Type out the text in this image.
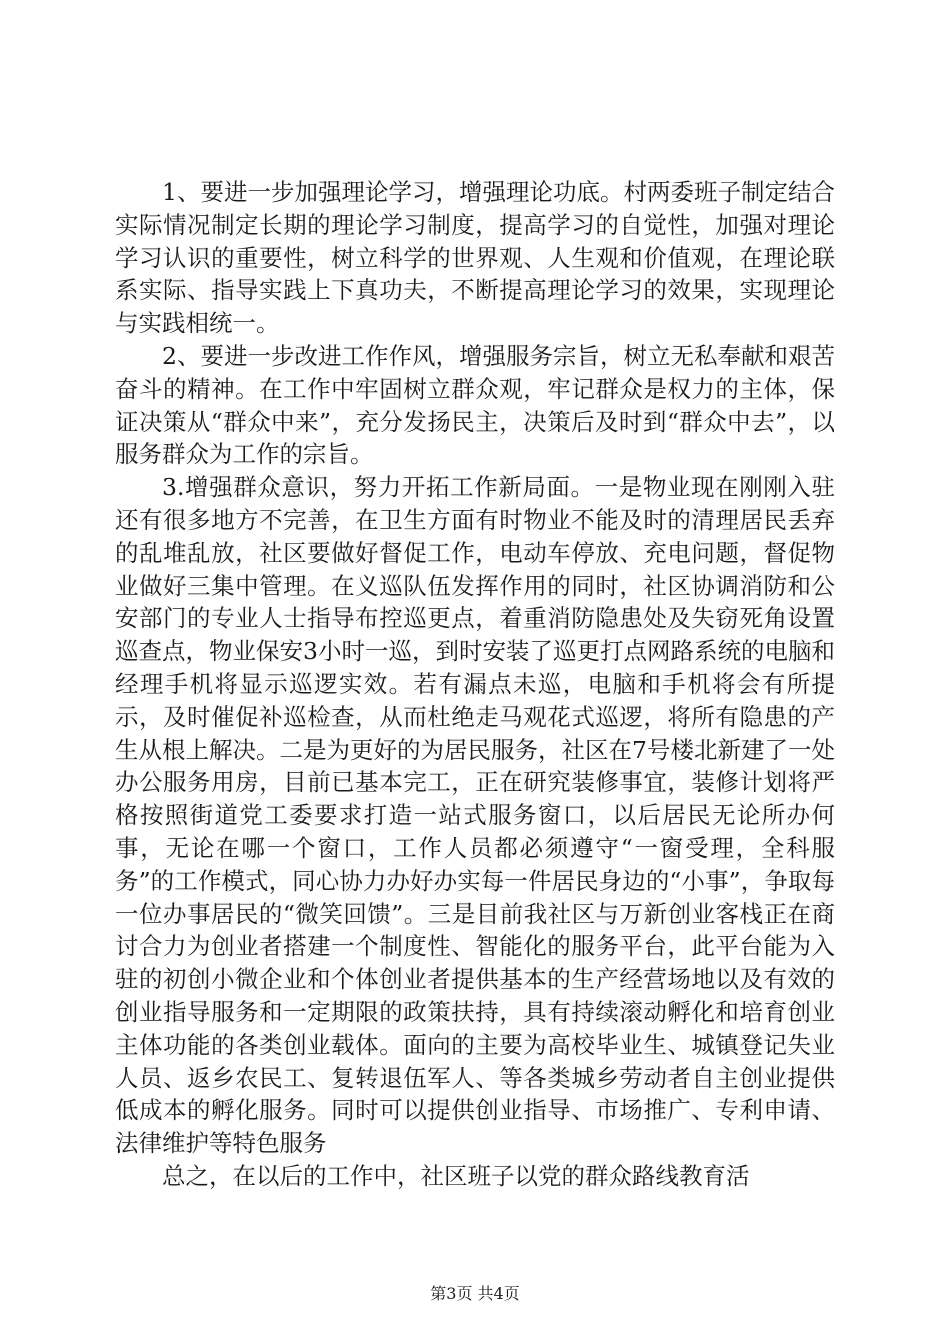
1、要进一步加强理论学习，增强理论功底。村两委班子制定结合实际情况制定长期的理论学习制度，提高学习的自觉性，加强对理论学习认识的重要性，树立科学的世界观、人生观和价值观，在理论联系实际、指导实践上下真功夫，不断提高理论学习的效果，实现理论与实践相统一。

2、要进一步改进工作作风，增强服务宗旨，树立无私奉献和艰苦奋斗的精神。在工作中牢固树立群众观，牢记群众是权力的主体，保证决策从“群众中来”，充分发扬民主，决策后及时到“群众中去”，以服务群众为工作的宗旨。

3.增强群众意识，努力开拓工作新局面。一是物业现在刚刚入驻还有很多地方不完善，在卫生方面有时物业不能及时的清理居民丢弃的乱堆乱放，社区要做好督促工作，电动车停放、充电问题，督促物业做好三集中管理。在义巡队伍发挥作用的同时，社区协调消防和公安部门的专业人士指导布控巡更点，着重消防隐患处及失窃死角设置巡查点，物业保安3小时一巡，到时安装了巡更打点网路系统的电脑和经理手机将显示巡逻实效。若有漏点未巡，电脑和手机将会有所提示，及时催促补巡检查，从而杜绝走马观花式巡逻，将所有隐患的产生从根上解决。二是为更好的为居民服务，社区在7号楼北新建了一处办公服务用房，目前已基本完工，正在研究装修事宜，装修计划将严格按照街道党工委要求打造一站式服务窗口，以后居民无论所办何事，无论在哪一个窗口，工作人员都必须遵守“一窗受理，全科服务”的工作模式，同心协力办好办实每一件居民身边的“小事”，争取每一位办事居民的“微笑回馈”。三是目前我社区与万新创业客栈正在商讨合力为创业者搭建一个制度性、智能化的服务平台，此平台能为入驻的初创小微企业和个体创业者提供基本的生产经营场地以及有效的创业指导服务和一定期限的政策扶持，具有持续滚动孵化和培育创业主体功能的各类创业载体。面向的主要为高校毕业生、城镇登记失业人员、返乡农民工、复转退伍军人、等各类城乡劳动者自主创业提供低成本的孵化服务。同时可以提供创业指导、市场推广、专利申请、法律维护等特色服务

总之，在以后的工作中，社区班子以党的群众路线教育活

第3页 共4页
